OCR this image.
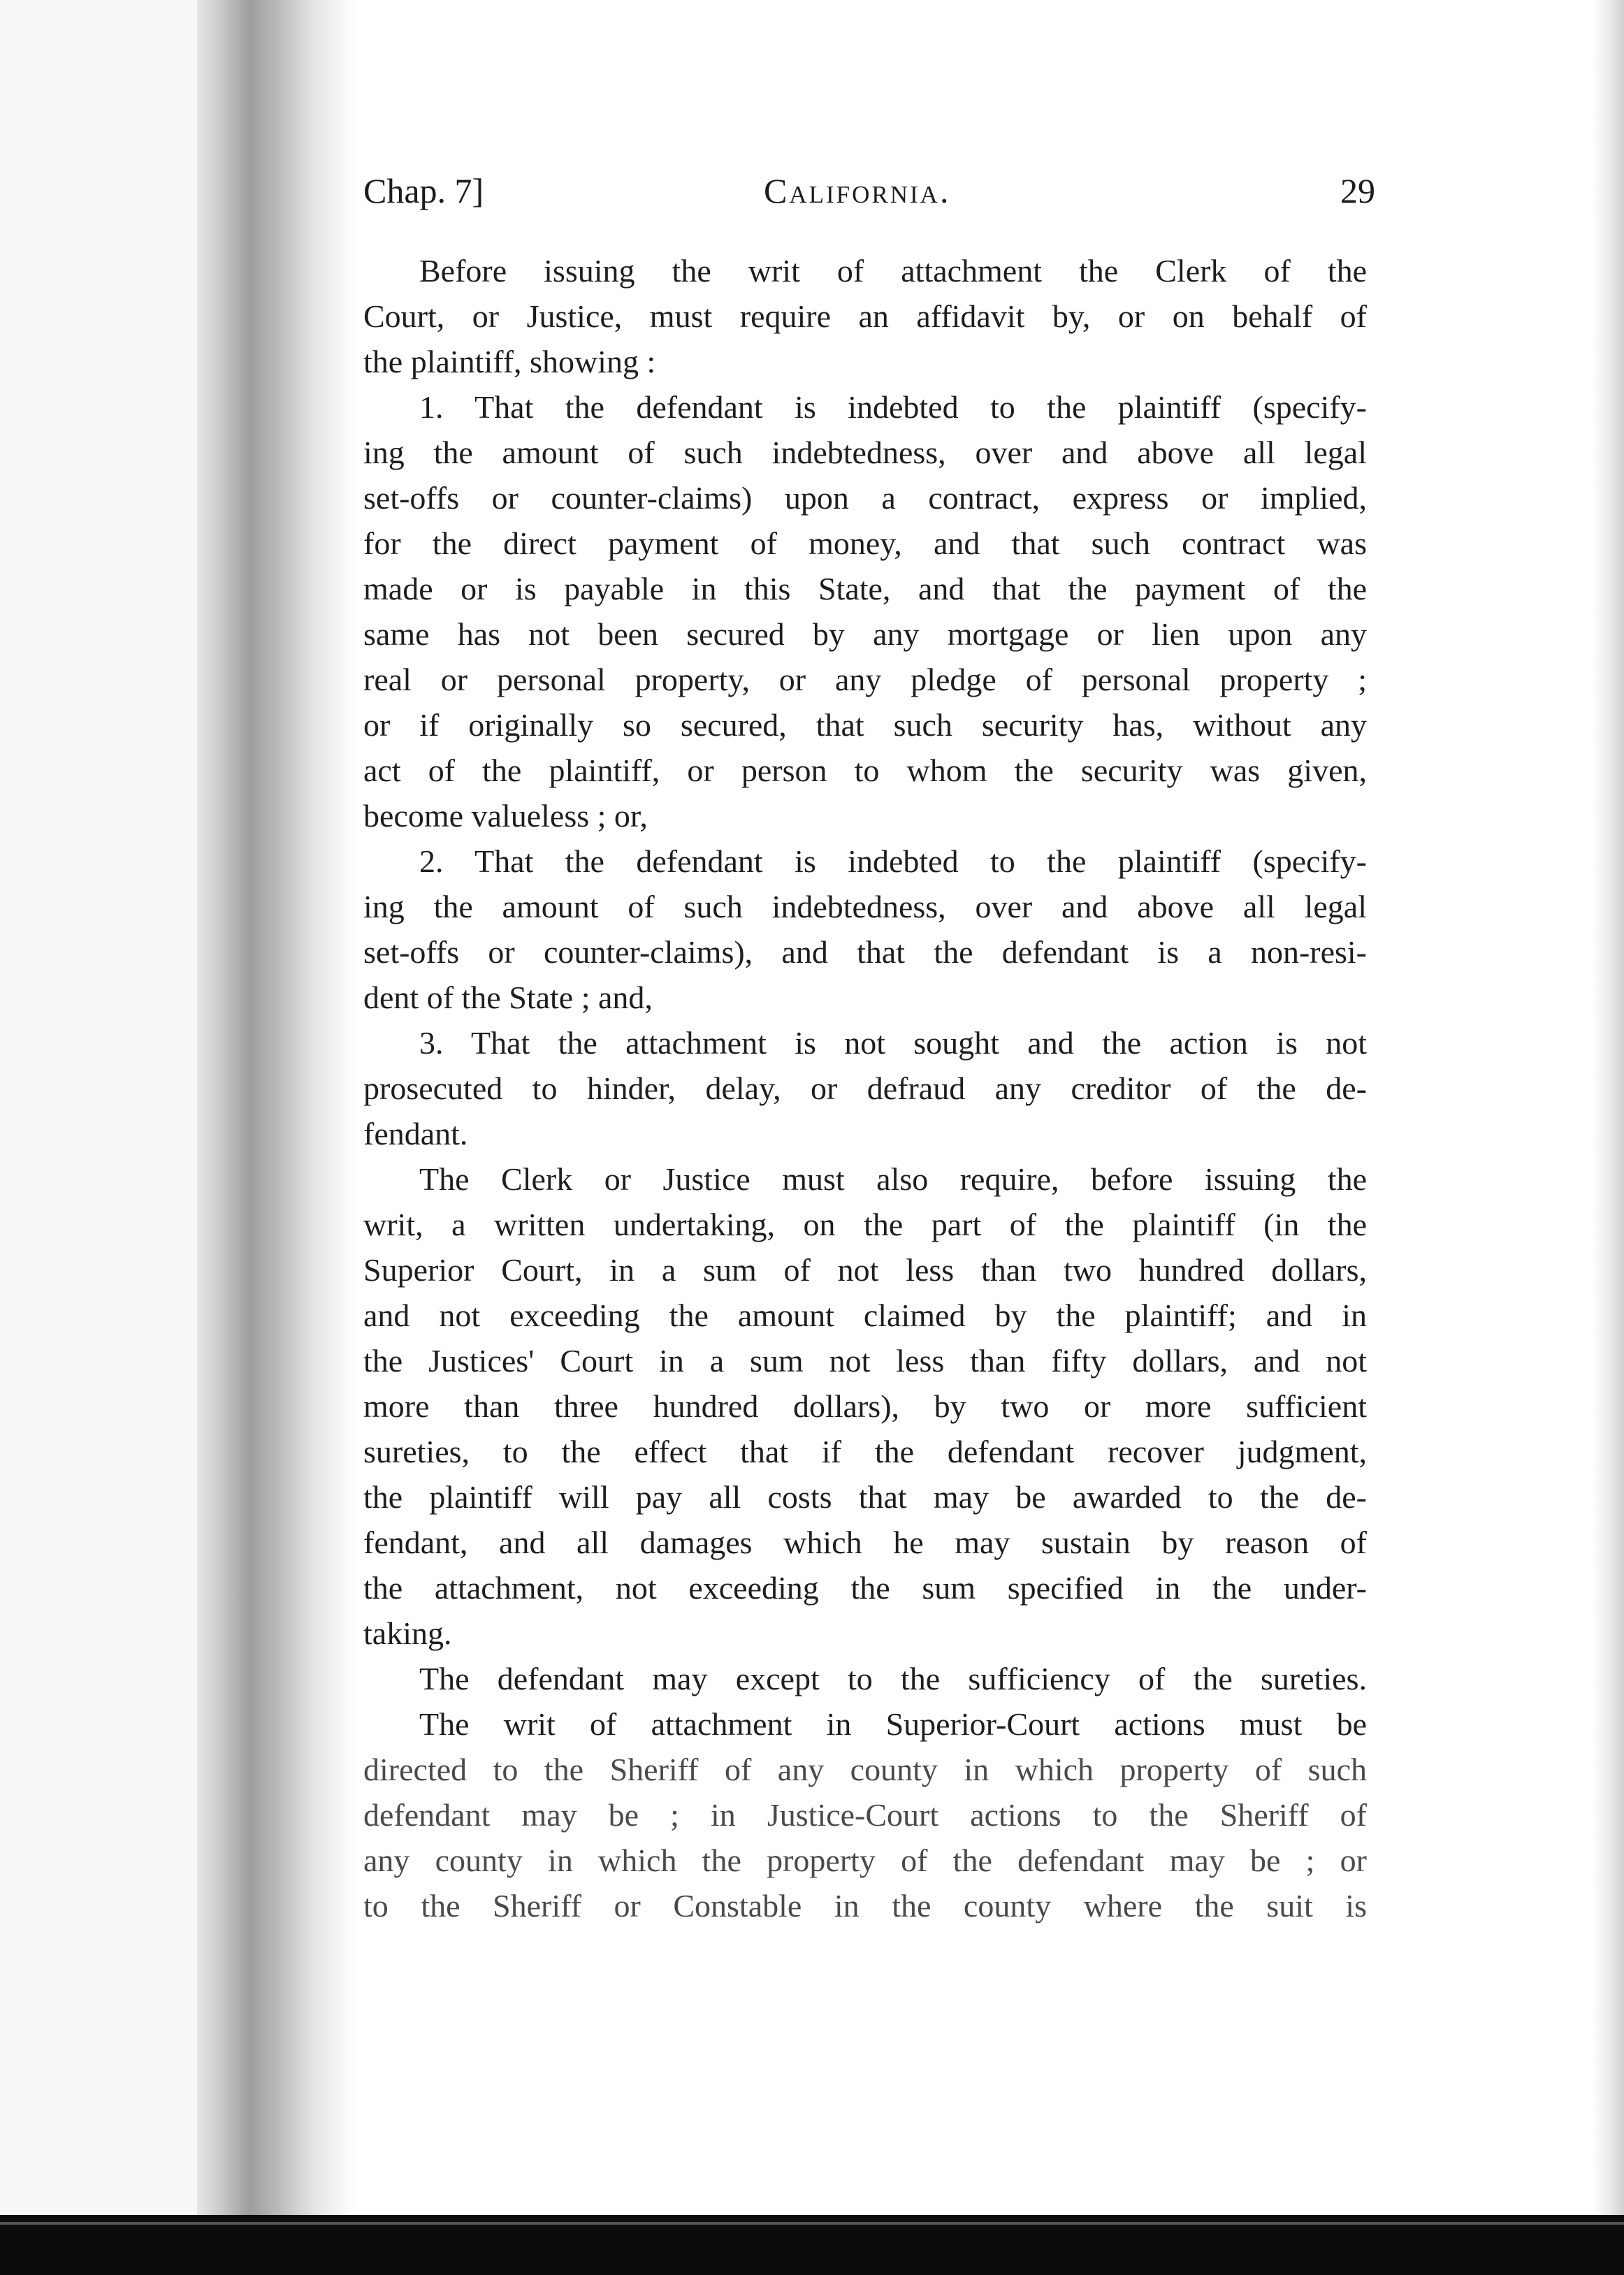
Chap. 7]	California.	29
Before issuing the writ of attachment the Clerk of the
Court, or Justice, must require an affidavit by, or on behalf of
the plaintiff, showing :
1. That the defendant is indebted to the plaintiff (specify-
ing the amount of such indebtedness, over and above all legal
set-offs or counter-claims) upon a contract, express or implied,
for the direct payment of money, and that such contract was
made or is payable in this State, and that the payment of the
same has not been secured by any mortgage or lien upon any
real or personal property, or any pledge of personal property ;
or if originally so secured, that such security has, without any
act of the plaintiff, or person to whom the security was given,
become valueless ; or,
2. That the defendant is indebted to the plaintiff (specify-
ing the amount of such indebtedness, over and above all legal
set-offs or counter-claims), and that the defendant is a non-resi-
dent of the State ; and,
3. That the attachment is not sought and the action is not
prosecuted to hinder, delay, or defraud any creditor of the de-
fendant.
The Clerk or Justice must also require, before issuing the
writ, a written undertaking, on the part of the plaintiff (in the
Superior Court, in a sum of not less than two hundred dollars,
and not exceeding the amount claimed by the plaintiff; and in
the Justices' Court in a sum not less than fifty dollars, and not
more than three hundred dollars), by two or more sufficient
sureties, to the effect that if the defendant recover judgment,
the plaintiff will pay all costs that may be awarded to the de-
fendant, and all damages which he may sustain by reason of
the attachment, not exceeding the sum specified in the under-
taking.
The defendant may except to the sufficiency of the sureties.
The writ of attachment in Superior-Court actions must be
directed to the Sheriff of any county in which property of such
defendant may be ; in Justice-Court actions to the Sheriff of
any county in which the property of the defendant may be ; or
to the Sheriff or Constable in the county where the suit is
